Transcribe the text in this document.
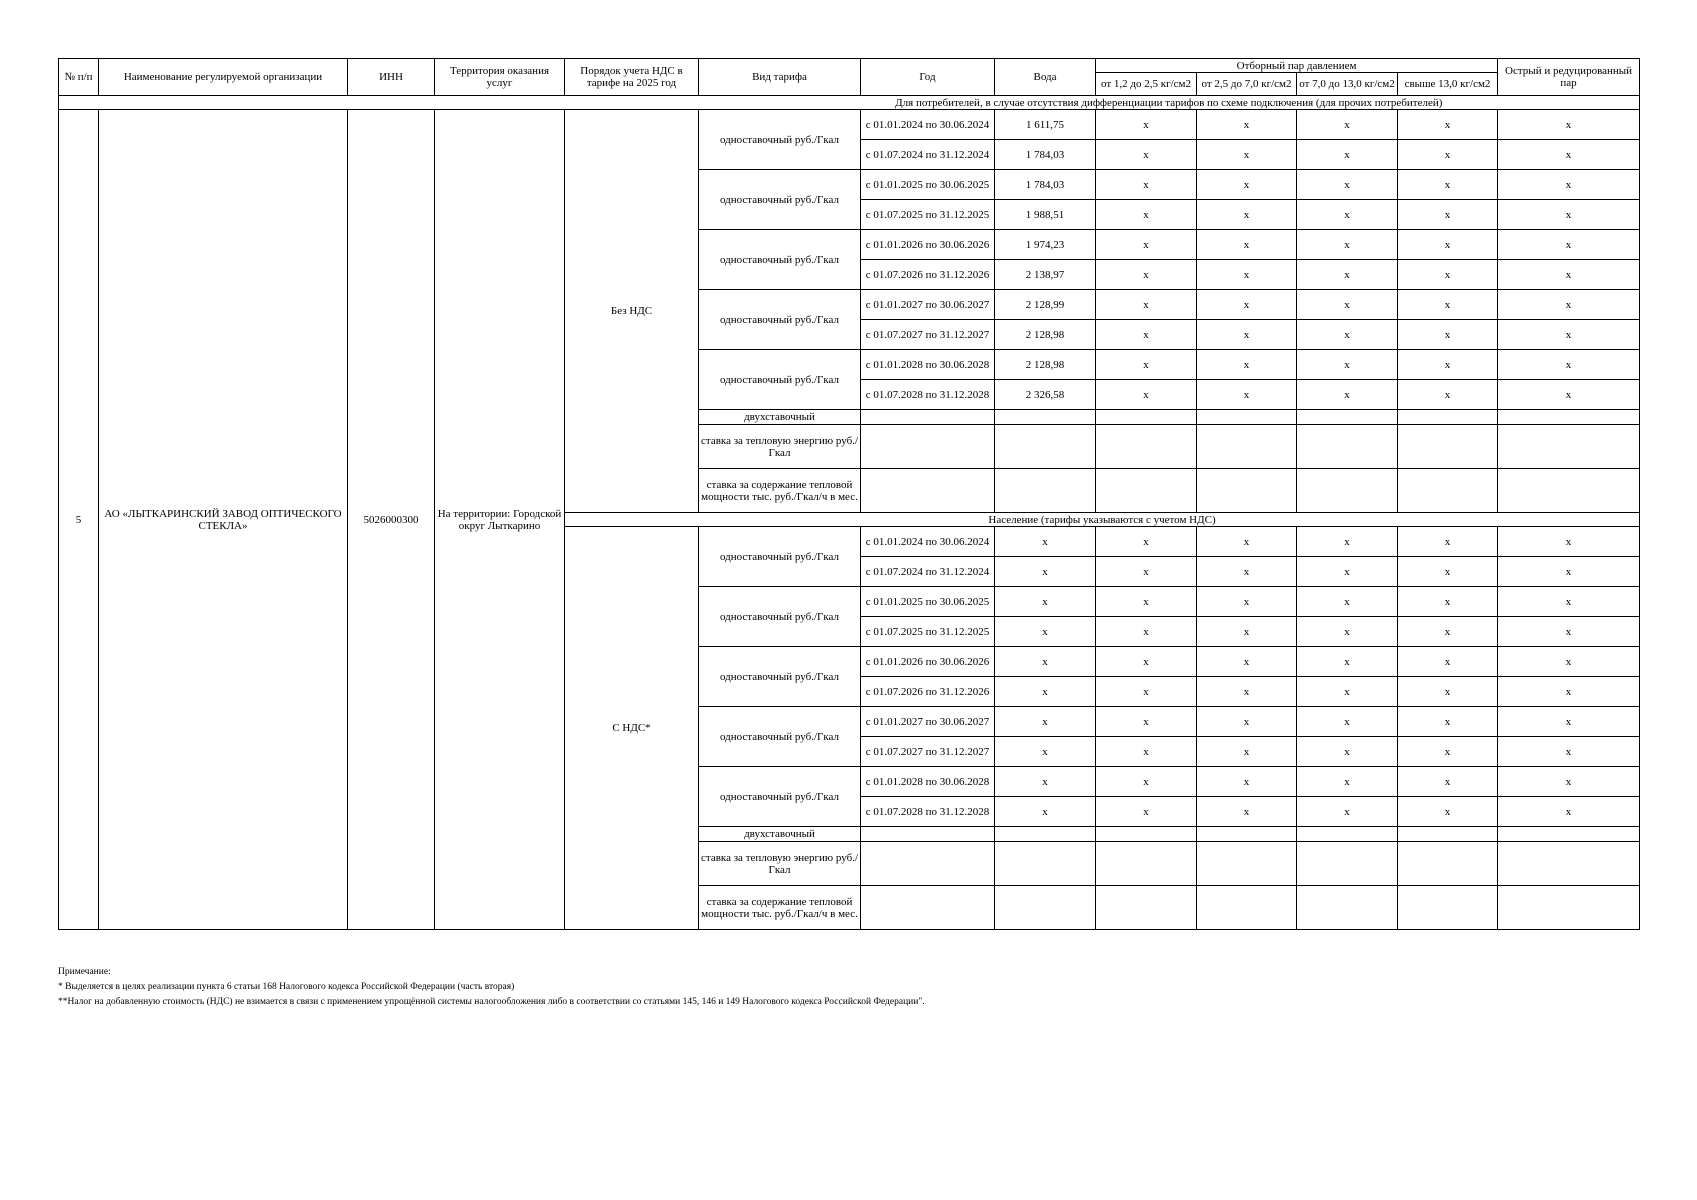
№ п/п	Наименование регулируемой организации	ИНН	Территория оказания услуг	Порядок учета НДС в тарифе на 2025 год	Вид тарифа	Год	Вода	Отборный пар давлением				Острый и редуцированный пар
								от 1,2 до 2,5 кг/см2	от 2,5 до 7,0 кг/см2	от 7,0 до 13,0 кг/см2	свыше 13,0 кг/см2	
					Для потребителей, в случае отсутствия дифференциации тарифов по схеме подключения (для прочих потребителей)							
5	АО «ЛЫТКАРИНСКИЙ ЗАВОД ОПТИЧЕСКОГО СТЕКЛА»	5026000300	На территории: Городской округ Лыткарино	Без НДС	одноставочный руб./Гкал	с 01.01.2024 по 30.06.2024	1 611,75	x	x	x	x	x
						с 01.07.2024 по 31.12.2024	1 784,03	x	x	x	x	x
					одноставочный руб./Гкал	с 01.01.2025 по 30.06.2025	1 784,03	x	x	x	x	x
						с 01.07.2025 по 31.12.2025	1 988,51	x	x	x	x	x
					одноставочный руб./Гкал	с 01.01.2026 по 30.06.2026	1 974,23	x	x	x	x	x
						с 01.07.2026 по 31.12.2026	2 138,97	x	x	x	x	x
					одноставочный руб./Гкал	с 01.01.2027 по 30.06.2027	2 128,99	x	x	x	x	x
						с 01.07.2027 по 31.12.2027	2 128,98	x	x	x	x	x
					одноставочный руб./Гкал	с 01.01.2028 по 30.06.2028	2 128,98	x	x	x	x	x
						с 01.07.2028 по 31.12.2028	2 326,58	x	x	x	x	x
					двухставочный							
					ставка за тепловую энергию руб./Гкал							
					ставка за содержание тепловой мощности тыс. руб./Гкал/ч в мес.							
				Население (тарифы указываются с учетом НДС)								
				С НДС*	одноставочный руб./Гкал	с 01.01.2024 по 30.06.2024	x	x	x	x	x	x
						с 01.07.2024 по 31.12.2024	x	x	x	x	x	x
					одноставочный руб./Гкал	с 01.01.2025 по 30.06.2025	x	x	x	x	x	x
						с 01.07.2025 по 31.12.2025	x	x	x	x	x	x
					одноставочный руб./Гкал	с 01.01.2026 по 30.06.2026	x	x	x	x	x	x
						с 01.07.2026 по 31.12.2026	x	x	x	x	x	x
					одноставочный руб./Гкал	с 01.01.2027 по 30.06.2027	x	x	x	x	x	x
						с 01.07.2027 по 31.12.2027	x	x	x	x	x	x
					одноставочный руб./Гкал	с 01.01.2028 по 30.06.2028	x	x	x	x	x	x
						с 01.07.2028 по 31.12.2028	x	x	x	x	x	x
					двухставочный							
					ставка за тепловую энергию руб./Гкал							
					ставка за содержание тепловой мощности тыс. руб./Гкал/ч в мес.							
Примечание:
* Выделяется в целях реализации пункта 6 статьи 168 Налогового кодекса Российской Федерации (часть вторая)
**Налог на добавленную стоимость (НДС) не взимается в связи с применением упрощённой системы налогообложения либо в соответствии со статьями 145, 146 и 149 Налогового кодекса Российской Федерации".
